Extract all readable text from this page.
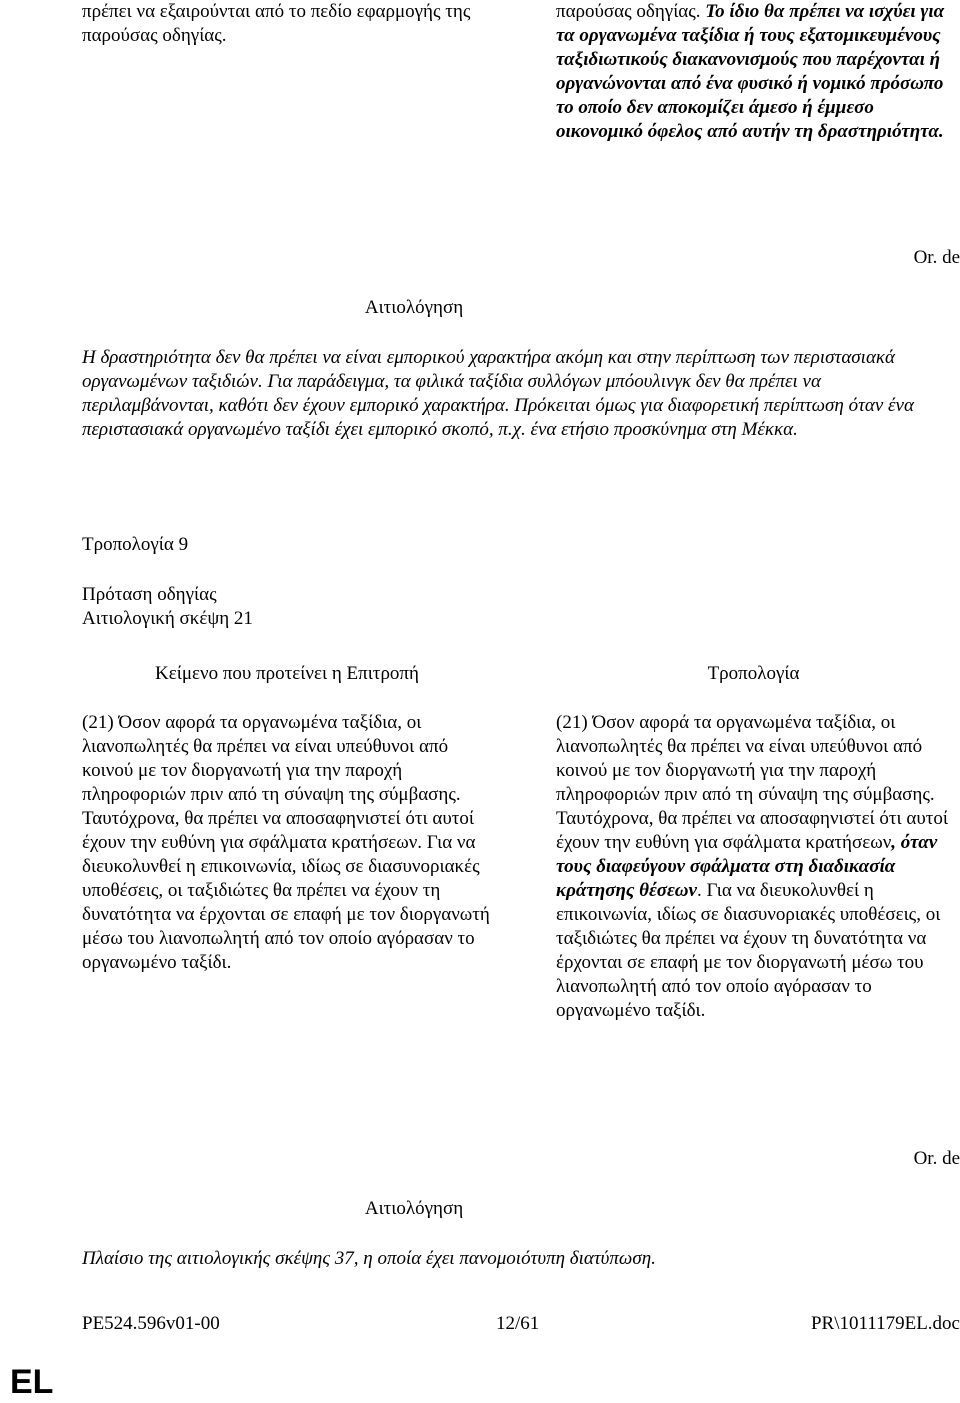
πρέπει να εξαιρούνται από το πεδίο εφαρμογής της παρούσας οδηγίας.

παρούσας οδηγίας. Το ίδιο θα πρέπει να ισχύει για τα οργανωμένα ταξίδια ή τους εξατομικευμένους ταξιδιωτικούς διακανονισμούς που παρέχονται ή οργανώνονται από ένα φυσικό ή νομικό πρόσωπο το οποίο δεν αποκομίζει άμεσο ή έμμεσο οικονομικό όφελος από αυτήν τη δραστηριότητα.

Or. de
Αιτιολόγηση
Η δραστηριότητα δεν θα πρέπει να είναι εμπορικού χαρακτήρα ακόμη και στην περίπτωση των περιστασιακά οργανωμένων ταξιδιών. Για παράδειγμα, τα φιλικά ταξίδια συλλόγων μπόουλινγκ δεν θα πρέπει να περιλαμβάνονται, καθότι δεν έχουν εμπορικό χαρακτήρα. Πρόκειται όμως για διαφορετική περίπτωση όταν ένα περιστασιακά οργανωμένο ταξίδι έχει εμπορικό σκοπό, π.χ. ένα ετήσιο προσκύνημα στη Μέκκα.
Τροπολογία 9
Πρόταση οδηγίας
Αιτιολογική σκέψη 21
Κείμενο που προτείνει η Επιτροπή	Τροπολογία
(21) Όσον αφορά τα οργανωμένα ταξίδια, οι λιανοπωλητές θα πρέπει να είναι υπεύθυνοι από κοινού με τον διοργανωτή για την παροχή πληροφοριών πριν από τη σύναψη της σύμβασης. Ταυτόχρονα, θα πρέπει να αποσαφηνιστεί ότι αυτοί έχουν την ευθύνη για σφάλματα κρατήσεων. Για να διευκολυνθεί η επικοινωνία, ιδίως σε διασυνοριακές υποθέσεις, οι ταξιδιώτες θα πρέπει να έχουν τη δυνατότητα να έρχονται σε επαφή με τον διοργανωτή μέσω του λιανοπωλητή από τον οποίο αγόρασαν το οργανωμένο ταξίδι.
(21) Όσον αφορά τα οργανωμένα ταξίδια, οι λιανοπωλητές θα πρέπει να είναι υπεύθυνοι από κοινού με τον διοργανωτή για την παροχή πληροφοριών πριν από τη σύναψη της σύμβασης. Ταυτόχρονα, θα πρέπει να αποσαφηνιστεί ότι αυτοί έχουν την ευθύνη για σφάλματα κρατήσεων, όταν τους διαφεύγουν σφάλματα στη διαδικασία κράτησης θέσεων. Για να διευκολυνθεί η επικοινωνία, ιδίως σε διασυνοριακές υποθέσεις, οι ταξιδιώτες θα πρέπει να έχουν τη δυνατότητα να έρχονται σε επαφή με τον διοργανωτή μέσω του λιανοπωλητή από τον οποίο αγόρασαν το οργανωμένο ταξίδι.
Or. de
Αιτιολόγηση
Πλαίσιο της αιτιολογικής σκέψης 37, η οποία έχει πανομοιότυπη διατύπωση.
PE524.596v01-00	12/61	PR\1011179EL.doc
EL
